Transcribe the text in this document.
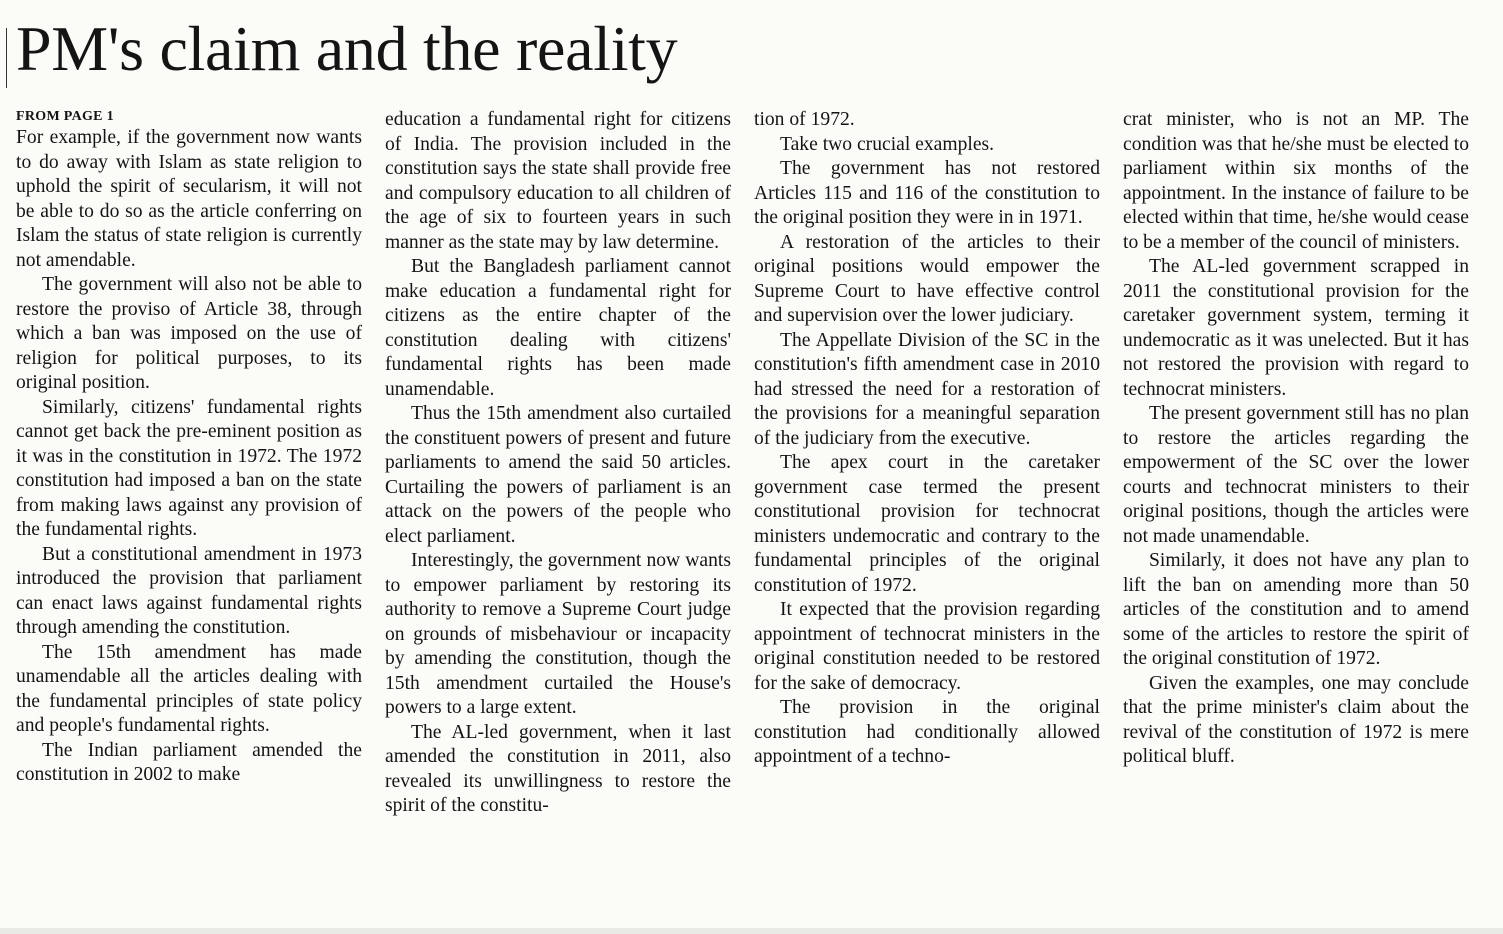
PM's claim and the reality

FROM PAGE 1

For example, if the government now wants to do away with Islam as state religion to uphold the spirit of secularism, it will not be able to do so as the article conferring on Islam the status of state religion is currently not amendable.

The government will also not be able to restore the proviso of Article 38, through which a ban was imposed on the use of religion for political purposes, to its original position.

Similarly, citizens' fundamental rights cannot get back the pre-eminent position as it was in the constitution in 1972. The 1972 constitution had imposed a ban on the state from making laws against any provision of the fundamental rights.

But a constitutional amendment in 1973 introduced the provision that parliament can enact laws against fundamental rights through amending the constitution.

The 15th amendment has made unamendable all the articles dealing with the fundamental principles of state policy and people's fundamental rights.

The Indian parliament amended the constitution in 2002 to make

education a fundamental right for citizens of India. The provision included in the constitution says the state shall provide free and compulsory education to all children of the age of six to fourteen years in such manner as the state may by law determine.

But the Bangladesh parliament cannot make education a fundamental right for citizens as the entire chapter of the constitution dealing with citizens' fundamental rights has been made unamendable.

Thus the 15th amendment also curtailed the constituent powers of present and future parliaments to amend the said 50 articles. Curtailing the powers of parliament is an attack on the powers of the people who elect parliament.

Interestingly, the government now wants to empower parliament by restoring its authority to remove a Supreme Court judge on grounds of misbehaviour or incapacity by amending the constitution, though the 15th amendment curtailed the House's powers to a large extent.

The AL-led government, when it last amended the constitution in 2011, also revealed its unwillingness to restore the spirit of the constitu-

tion of 1972.

Take two crucial examples.

The government has not restored Articles 115 and 116 of the constitution to the original position they were in in 1971.

A restoration of the articles to their original positions would empower the Supreme Court to have effective control and supervision over the lower judiciary.

The Appellate Division of the SC in the constitution's fifth amendment case in 2010 had stressed the need for a restoration of the provisions for a meaningful separation of the judiciary from the executive.

The apex court in the caretaker government case termed the present constitutional provision for technocrat ministers undemocratic and contrary to the fundamental principles of the original constitution of 1972.

It expected that the provision regarding appointment of technocrat ministers in the original constitution needed to be restored for the sake of democracy.

The provision in the original constitution had conditionally allowed appointment of a techno-

crat minister, who is not an MP. The condition was that he/she must be elected to parliament within six months of the appointment. In the instance of failure to be elected within that time, he/she would cease to be a member of the council of ministers.

The AL-led government scrapped in 2011 the constitutional provision for the caretaker government system, terming it undemocratic as it was unelected. But it has not restored the provision with regard to technocrat ministers.

The present government still has no plan to restore the articles regarding the empowerment of the SC over the lower courts and technocrat ministers to their original positions, though the articles were not made unamendable.

Similarly, it does not have any plan to lift the ban on amending more than 50 articles of the constitution and to amend some of the articles to restore the spirit of the original constitution of 1972.

Given the examples, one may conclude that the prime minister's claim about the revival of the constitution of 1972 is mere political bluff.
